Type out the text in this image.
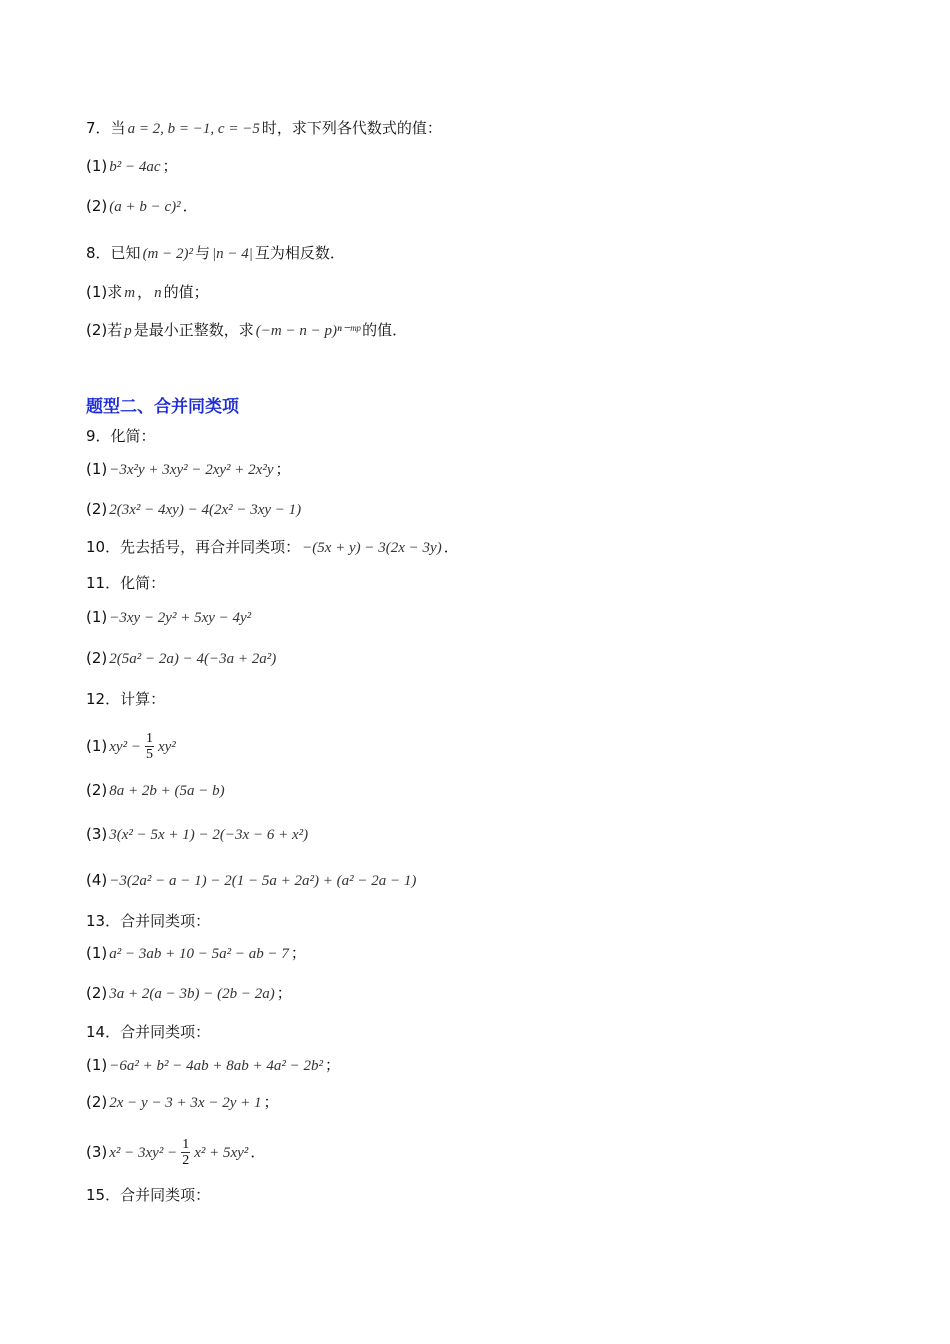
7．当 a = 2, b = −1, c = −5 时，求下列各代数式的值：
(1) b² − 4ac ；
(2) (a + b − c)² ．
8．已知 (m − 2)² 与 |n − 4| 互为相反数．
(1)求 m ， n 的值；
(2)若 p 是最小正整数，求 (−m − n − p)ⁿ⁻ᵐᵖ 的值．
9．化简：
(1) −3x²y + 3xy² − 2xy² + 2x²y ；
(2) 2(3x² − 4xy) − 4(2x² − 3xy − 1)
10．先去括号，再合并同类项： −(5x + y) − 3(2x − 3y) ．
11．化简：
(1) −3xy − 2y² + 5xy − 4y²
(2) 2(5a² − 2a) − 4(−3a + 2a²)
12．计算：
(2) 8a + 2b + (5a − b)
(3) 3(x² − 5x + 1) − 2(−3x − 6 + x²)
(4) −3(2a² − a − 1) − 2(1 − 5a + 2a²) + (a² − 2a − 1)
13．合并同类项：
(1) a² − 3ab + 10 − 5a² − ab − 7 ；
(2) 3a + 2(a − 3b) − (2b − 2a) ；
14．合并同类项：
(1) −6a² + b² − 4ab + 8ab + 4a² − 2b² ；
(2) 2x − y − 3 + 3x − 2y + 1 ；
15．合并同类项：
题型二、合并同类项
(1) $xy^2 - \frac{1}{5} xy^2$
(3) $x^2 - 3xy^2 - \frac{1}{2} x^2 + 5xy^2$ ．
